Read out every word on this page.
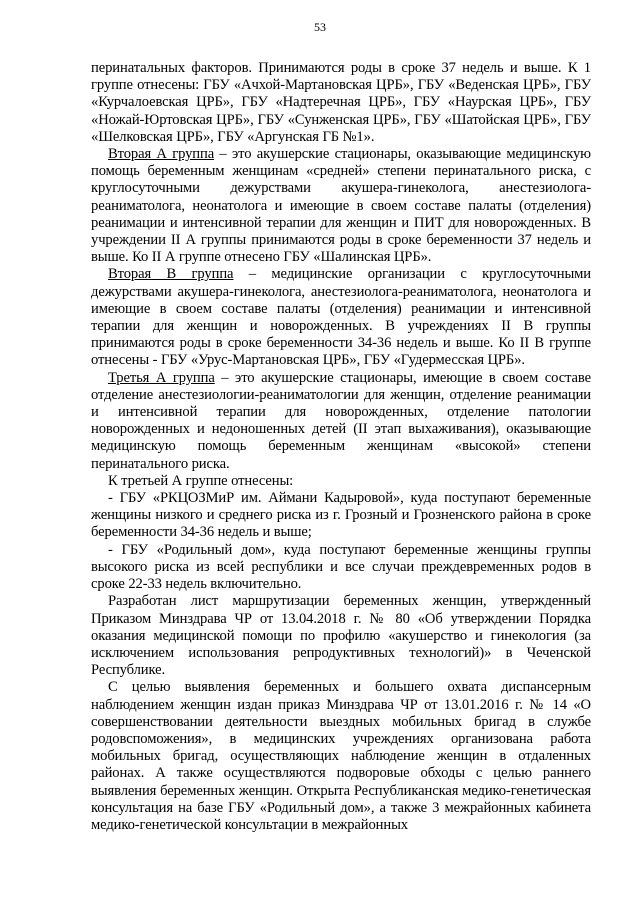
53

перинатальных факторов. Принимаются роды в сроке 37 недель и выше. К 1 группе отнесены: ГБУ «Ачхой-Мартановская ЦРБ», ГБУ «Веденская ЦРБ», ГБУ «Курчалоевская ЦРБ», ГБУ «Надтеречная ЦРБ», ГБУ «Наурская ЦРБ», ГБУ «Ножай-Юртовская ЦРБ», ГБУ «Сунженская ЦРБ», ГБУ «Шатойская ЦРБ», ГБУ «Шелковская ЦРБ», ГБУ «Аргунская ГБ №1».

Вторая А группа – это акушерские стационары, оказывающие медицинскую помощь беременным женщинам «средней» степени перинатального риска, с круглосуточными дежурствами акушера-гинеколога, анестезиолога-реаниматолога, неонатолога и имеющие в своем составе палаты (отделения) реанимации и интенсивной терапии для женщин и ПИТ для новорожденных. В учреждении II А группы принимаются роды в сроке беременности 37 недель и выше. Ко II А группе отнесено ГБУ «Шалинская ЦРБ».

Вторая В группа – медицинские организации с круглосуточными дежурствами акушера-гинеколога, анестезиолога-реаниматолога, неонатолога и имеющие в своем составе палаты (отделения) реанимации и интенсивной терапии для женщин и новорожденных. В учреждениях II В группы принимаются роды в сроке беременности 34-36 недель и выше. Ко II В группе отнесены - ГБУ «Урус-Мартановская ЦРБ», ГБУ «Гудермесская ЦРБ».

Третья А группа – это акушерские стационары, имеющие в своем составе отделение анестезиологии-реаниматологии для женщин, отделение реанимации и интенсивной терапии для новорожденных, отделение патологии новорожденных и недоношенных детей (II этап выхаживания), оказывающие медицинскую помощь беременным женщинам «высокой» степени перинатального риска.

К третьей А группе отнесены:

- ГБУ «РКЦОЗМиР им. Аймани Кадыровой», куда поступают беременные женщины низкого и среднего риска из г. Грозный и Грозненского района в сроке беременности 34-36 недель и выше;

- ГБУ «Родильный дом», куда поступают беременные женщины группы высокого риска из всей республики и все случаи преждевременных родов в сроке 22-33 недель включительно.

Разработан лист маршрутизации беременных женщин, утвержденный Приказом Минздрава ЧР от 13.04.2018 г. № 80 «Об утверждении Порядка оказания медицинской помощи по профилю «акушерство и гинекология (за исключением использования репродуктивных технологий)» в Чеченской Республике.

С целью выявления беременных и большего охвата диспансерным наблюдением женщин издан приказ Минздрава ЧР от 13.01.2016 г. № 14 «О совершенствовании деятельности выездных мобильных бригад в службе родовспоможения», в медицинских учреждениях организована работа мобильных бригад, осуществляющих наблюдение женщин в отдаленных районах. А также осуществляются подворовые обходы с целью раннего выявления беременных женщин. Открыта Республиканская медико-генетическая консультация на базе ГБУ «Родильный дом», а также 3 межрайонных кабинета медико-генетической консультации в межрайонных
